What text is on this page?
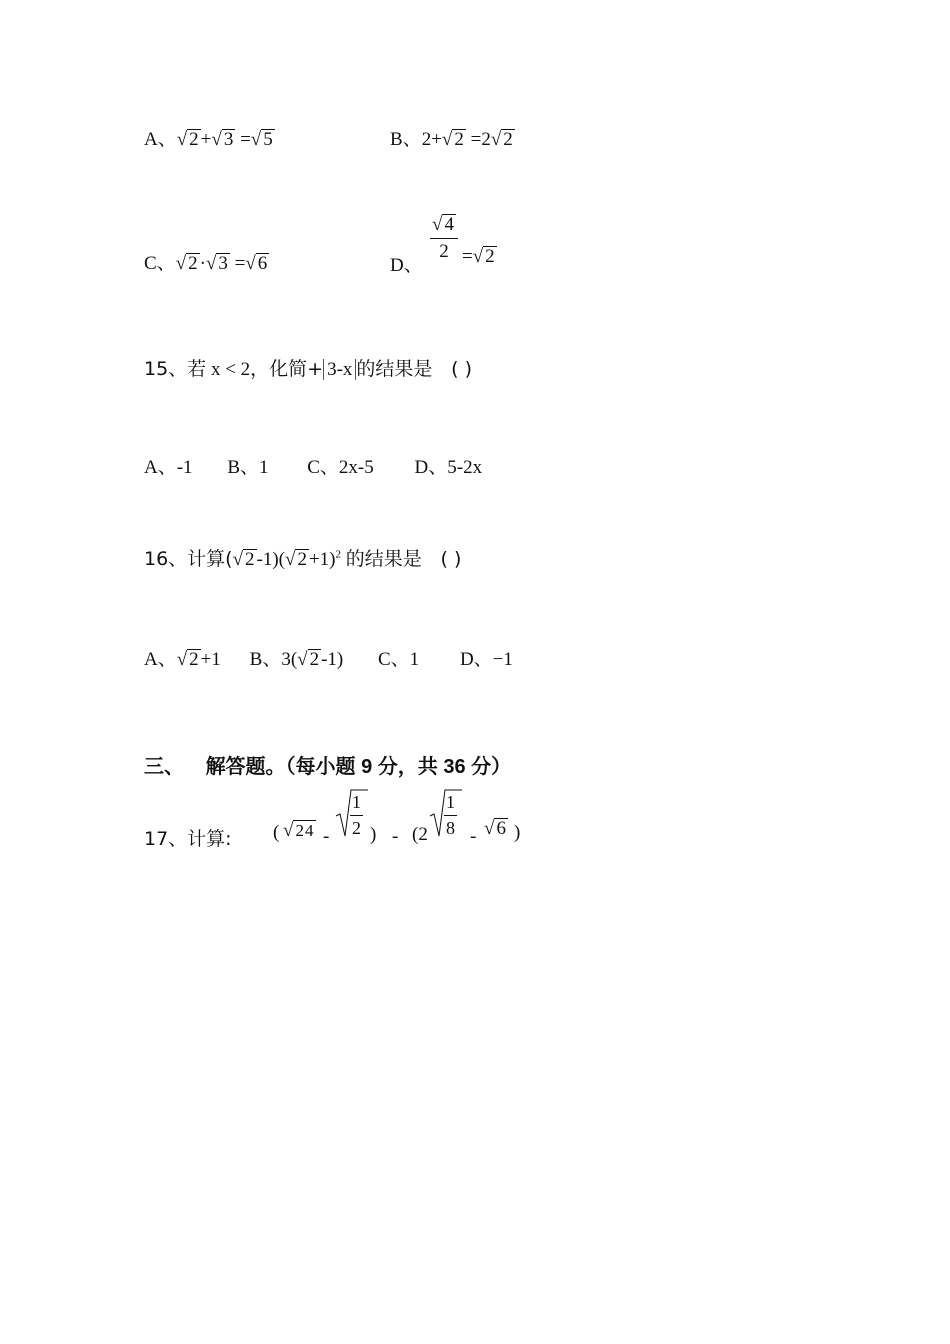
A、√ 2 +√ 3 =√ 5	B、2+√ 2 =2√ 2
C、√ 2 ·√ 3 =√ 6	D、
$\frac{√ 4}{2}$ =√ 2
15、若 x < 2，化简+ 3-x 的结果是 ( )
A、-1 B、1 C、2x-5 D、5-2x
16、计算(√ 2 -1)(√ 2 +1)$^2$ 的结果是 ( )
A、√ 2 +1 B、3(√ 2 -1) C、1 D、−1
三、 解答题。（每小题 9 分，共 36 分）
17、计算: ( √ $24 - \frac{1}{2}$ ) - ($2 \frac{1}{8}$ - √ 6 )
